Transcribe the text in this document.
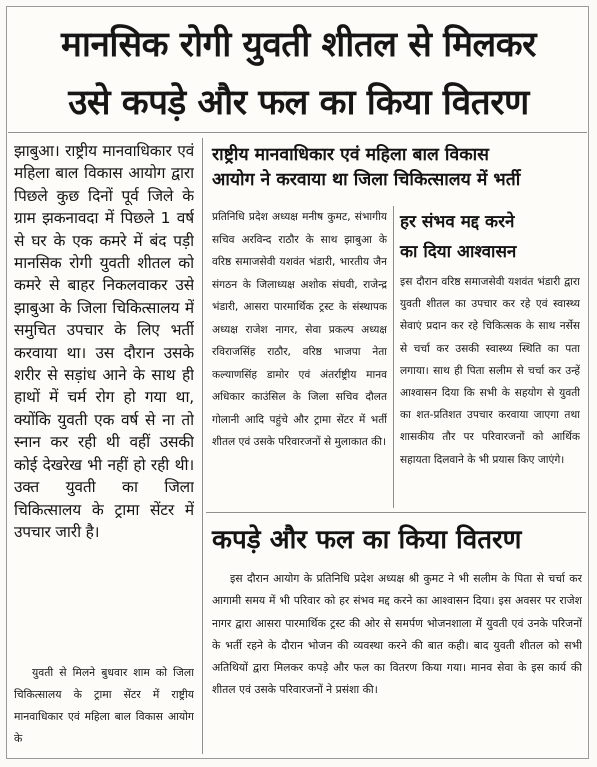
मानसिक रोगी युवती शीतल से मिलकर
उसे कपड़े और फल का किया वितरण
झाबुआ। राष्ट्रीय मानवाधिकार एवं महिला बाल विकास आयोग द्वारा पिछले कुछ दिनों पूर्व जिले के ग्राम झकनावदा में पिछले 1 वर्ष से घर के एक कमरे में बंद पड़ी मानसिक रोगी युवती शीतल को कमरे से बाहर निकलवाकर उसे झाबुआ के जिला चिकित्सालय में समुचित उपचार के लिए भर्ती करवाया था। उस दौरान उसके शरीर से सड़ांध आने के साथ ही हाथों में चर्म रोग हो गया था, क्योंकि युवती एक वर्ष से ना तो स्नान कर रही थी वहीं उसकी कोई देखरेख भी नहीं हो रही थी। उक्त युवती का जिला चिकित्सालय के ट्रामा सेंटर में उपचार जारी है।

युवती से मिलने बुधवार शाम को जिला चिकित्सालय के ट्रामा सेंटर में राष्ट्रीय मानवाधिकार एवं महिला बाल विकास आयोग के

राष्ट्रीय मानवाधिकार एवं महिला बाल विकास
आयोग ने करवाया था जिला चिकित्सालय में भर्ती
प्रतिनिधि प्रदेश अध्यक्ष मनीष कुमट, संभागीय सचिव अरविन्द राठौर के साथ झाबुआ के वरिष्ठ समाजसेवी यशवंत भंडारी, भारतीय जैन संगठन के जिलाध्यक्ष अशोक संघवी, राजेन्द्र भंडारी, आसरा पारमार्थिक ट्रस्ट के संस्थापक अध्यक्ष राजेश नागर, सेवा प्रकल्प अध्यक्ष रविराजसिंह राठौर, वरिष्ठ भाजपा नेता कल्याणसिंह डामोर एवं अंतर्राष्ट्रीय मानव अधिकार काउंसिल के जिला सचिव दौलत गोलानी आदि पहुंचे और ट्रामा सेंटर में भर्ती शीतल एवं उसके परिवारजनों से मुलाकात की।
हर संभव मद्द करने
का दिया आश्वासन
इस दौरान वरिष्ठ समाजसेवी यशवंत भंडारी द्वारा युवती शीतल का उपचार कर रहे एवं स्वास्थ्य सेवाएं प्रदान कर रहे चिकित्सक के साथ नर्सेस से चर्चा कर उसकी स्वास्थ्य स्थिति का पता लगाया। साथ ही पिता सलीम से चर्चा कर उन्हें आश्वासन दिया कि सभी के सहयोग से युवती का शत-प्रतिशत उपचार करवाया जाएगा तथा शासकीय तौर पर परिवारजनों को आर्थिक सहायता दिलवाने के भी प्रयास किए जाएंगे।
कपड़े और फल का किया वितरण

इस दौरान आयोग के प्रतिनिधि प्रदेश अध्यक्ष श्री कुमट ने भी सलीम के पिता से चर्चा कर आगामी समय में भी परिवार को हर संभव मद्द करने का आश्वासन दिया। इस अवसर पर राजेश नागर द्वारा आसरा पारमार्थिक ट्रस्ट की ओर से समर्पण भोजनशाला में युवती एवं उनके परिजनों के भर्ती रहने के दौरान भोजन की व्यवस्था करने की बात कही। बाद युवती शीतल को सभी अतिथियों द्वारा मिलकर कपड़े और फल का वितरण किया गया। मानव सेवा के इस कार्य की शीतल एवं उसके परिवारजनों ने प्रसंशा की।
